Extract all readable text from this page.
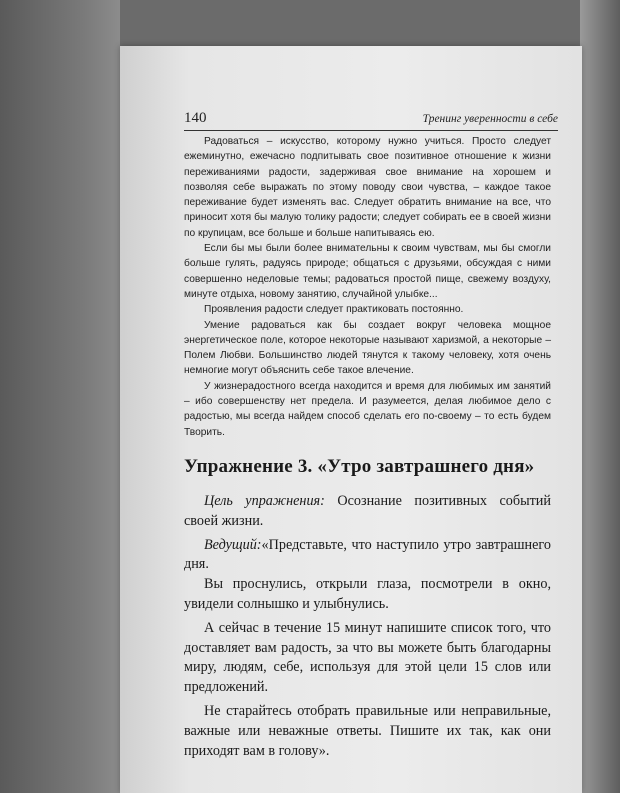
140	Тренинг уверенности в себе

Радоваться – искусство, которому нужно учиться. Просто следует ежеминутно, ежечасно подпитывать свое позитивное отношение к жизни переживаниями радости, задерживая свое внимание на хорошем и позволяя себе выражать по этому поводу свои чувства, – каждое такое переживание будет изменять вас. Следует обратить внимание на все, что приносит хотя бы малую толику радости; следует собирать ее в своей жизни по крупицам, все больше и больше напитываясь ею.

Если бы мы были более внимательны к своим чувствам, мы бы смогли больше гулять, радуясь природе; общаться с друзьями, обсуждая с ними совершенно неделовые темы; радоваться простой пище, свежему воздуху, минуте отдыха, новому занятию, случайной улыбке...

Проявления радости следует практиковать постоянно.

Умение радоваться как бы создает вокруг человека мощное энергетическое поле, которое некоторые называют харизмой, а некоторые – Полем Любви. Большинство людей тянутся к такому человеку, хотя очень немногие могут объяснить себе такое влечение.

У жизнерадостного всегда находится и время для любимых им занятий – ибо совершенству нет предела. И разумеется, делая любимое дело с радостью, мы всегда найдем способ сделать его по-своему – то есть будем Творить.

Упражнение 3. «Утро завтрашнего дня»

Цель упражнения: Осознание позитивных событий своей жизни.

Ведущий:«Представьте, что наступило утро завтрашнего дня.

Вы проснулись, открыли глаза, посмотрели в окно, увидели солнышко и улыбнулись.

А сейчас в течение 15 минут напишите список того, что доставляет вам радость, за что вы можете быть благодарны миру, людям, себе, используя для этой цели 15 слов или предложений.

Не старайтесь отобрать правильные или неправильные, важные или неважные ответы. Пишите их так, как они приходят вам в голову».
